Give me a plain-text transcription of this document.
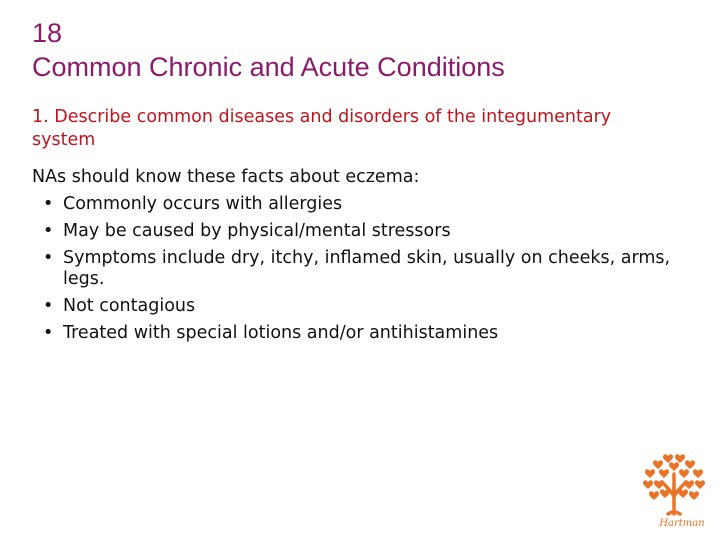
18
Common Chronic and Acute Conditions
1. Describe common diseases and disorders of the integumentary
system

NAs should know these facts about eczema:

• Commonly occurs with allergies
• May be caused by physical/mental stressors
• Symptoms include dry, itchy, inflamed skin, usually on cheeks, arms, legs.
• Not contagious
• Treated with special lotions and/or antihistamines
Hartman
